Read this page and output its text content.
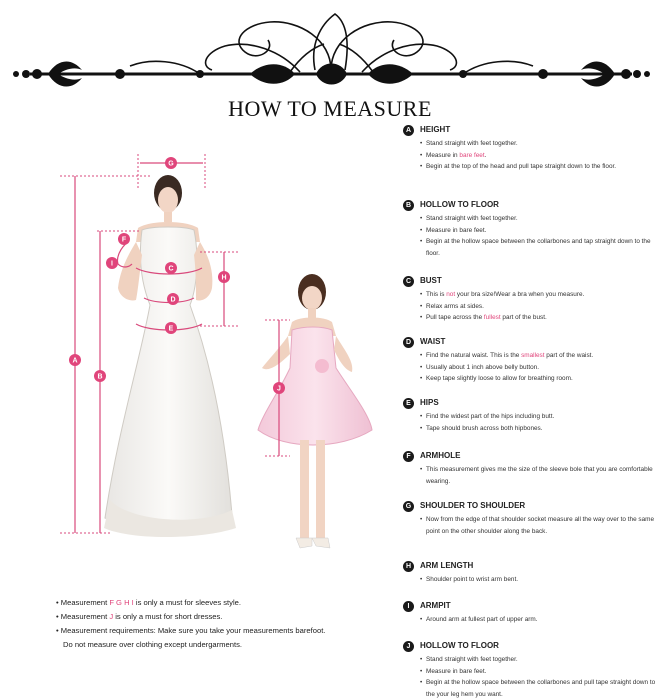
HOW TO MEASURE
G
F
I
C
H
D
E
A
B
J
• Measurement F G H I is only a must for sleeves style.
• Measurement J is only a must for short dresses.
• Measurement requirements: Make sure you take your measurements barefoot.
Do not measure over clothing except undergarments.
A	HEIGHT
• Stand straight with feet together.
• Measure in bare feet.
• Begin at the top of the head and pull tape straight down to the floor.
B	HOLLOW TO FLOOR
• Stand straight with feet together.
• Measure in bare feet.
• Begin at the hollow space between the collarbones and tap straight down to the floor.
C	BUST
• This is not your bra size!Wear a bra when you measure.
• Relax arms at sides.
• Pull tape across the fullest part of the bust.
D	WAIST
• Find the natural waist. This is the smallest part of the waist.
• Usually about 1 inch above belly button.
• Keep tape slightly loose to allow for breathing room.
E	HIPS
• Find the widest part of the hips including butt.
• Tape should brush across both hipbones.
F	ARMHOLE
• This measurement gives me the size of the sleeve bole that you are comfortable wearing.
G	SHOULDER TO SHOULDER
• Now from the edge of that shoulder socket measure all the way over to the same point on the other shoulder along the back.
H	ARM LENGTH
• Shoulder point to wrist arm bent.
I	ARMPIT
• Around arm at fullest part of upper arm.
J	HOLLOW TO FLOOR
• Stand straight with feet together.
• Measure in bare feet.
• Begin at the hollow space between the collarbones and pull tape straight down to the your leg hem you want.
